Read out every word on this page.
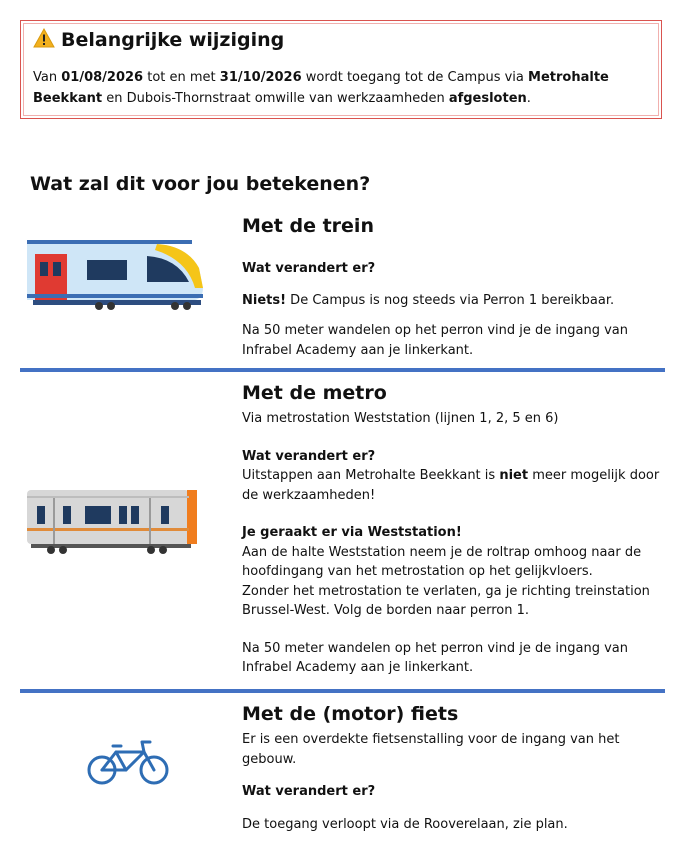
Belangrijke wijziging
Van 01/08/2026 tot en met 31/10/2026 wordt toegang tot de Campus via Metrohalte Beekkant en Dubois-Thornstraat omwille van werkzaamheden afgesloten.
Wat zal dit voor jou betekenen?
Met de trein

Wat verandert er?

Niets! De Campus is nog steeds via Perron 1 bereikbaar.

Na 50 meter wandelen op het perron vind je de ingang van Infrabel Academy aan je linkerkant.

Met de metro

Via metrostation Weststation (lijnen 1, 2, 5 en 6)

Wat verandert er?

Uitstappen aan Metrohalte Beekkant is niet meer mogelijk door de werkzaamheden!

Je geraakt er via Weststation!

Aan de halte Weststation neem je de roltrap omhoog naar de hoofdingang van het metrostation op het gelijkvloers.

Zonder het metrostation te verlaten, ga je richting treinstation Brussel-West. Volg de borden naar perron 1.

Na 50 meter wandelen op het perron vind je de ingang van Infrabel Academy aan je linkerkant.

Met de (motor) fiets

Er is een overdekte fietsenstalling voor de ingang van het gebouw.

Wat verandert er?

De toegang verloopt via de Rooverelaan, zie plan.
